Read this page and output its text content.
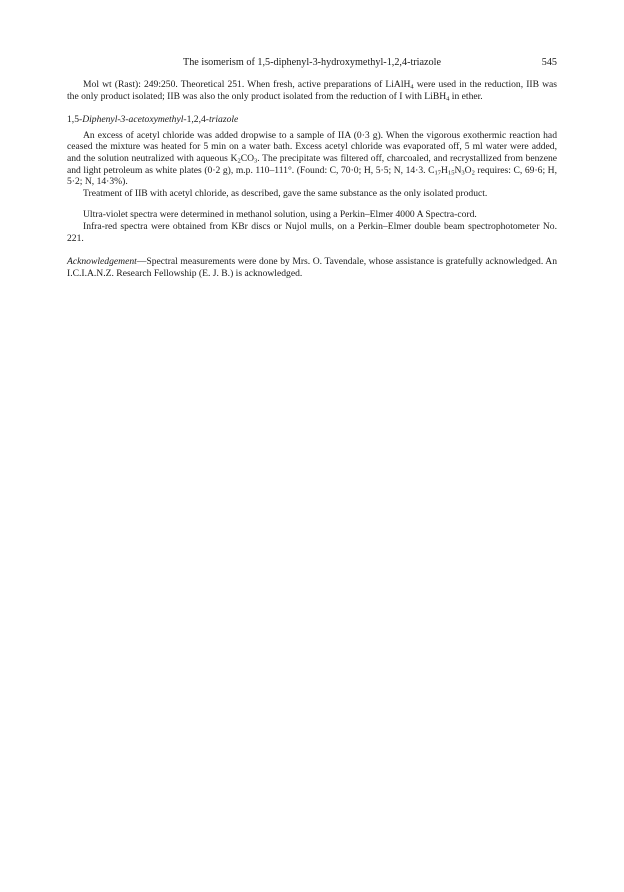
The isomerism of 1,5-diphenyl-3-hydroxymethyl-1,2,4-triazole	545

Mol wt (Rast): 249:250. Theoretical 251. When fresh, active preparations of LiAlH$_4$ were used in the reduction, IIB was the only product isolated; IIB was also the only product isolated from the reduction of I with LiBH$_4$ in ether.

1,5-Diphenyl-3-acetoxymethyl-1,2,4-triazole

An excess of acetyl chloride was added dropwise to a sample of IIA (0·3 g). When the vigorous exothermic reaction had ceased the mixture was heated for 5 min on a water bath. Excess acetyl chloride was evaporated off, 5 ml water were added, and the solution neutralized with aqueous $K_2CO_3$. The precipitate was filtered off, charcoaled, and recrystallized from benzene and light petroleum as white plates (0·2 g), m.p. 110–111°. (Found: C, 70·0; H, 5·5; N, 14·3. $C_{17}H_{15}N_3O_2$ requires: C, 69·6; H, 5·2; N, 14·3%).

Treatment of IIB with acetyl chloride, as described, gave the same substance as the only isolated product.

Ultra-violet spectra were determined in methanol solution, using a Perkin–Elmer 4000 A Spectra-cord.

Infra-red spectra were obtained from KBr discs or Nujol mulls, on a Perkin–Elmer double beam spectrophotometer No. 221.

Acknowledgement—Spectral measurements were done by Mrs. O. Tavendale, whose assistance is gratefully acknowledged. An I.C.I.A.N.Z. Research Fellowship (E. J. B.) is acknowledged.
